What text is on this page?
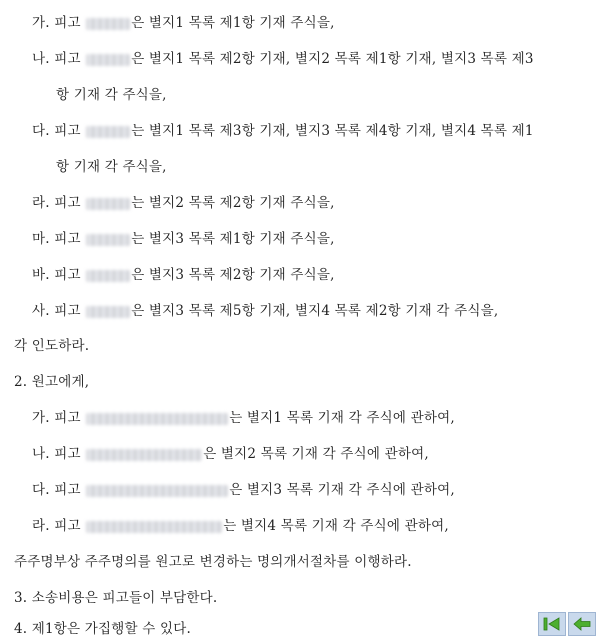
가. 피고	은 별지1 목록 제1항 기재 주식을,
나. 피고	은 별지1 목록 제2항 기재, 별지2 목록 제1항 기재, 별지3 목록 제3
항 기재 각 주식을,
다. 피고	는 별지1 목록 제3항 기재, 별지3 목록 제4항 기재, 별지4 목록 제1
항 기재 각 주식을,
라. 피고	는 별지2 목록 제2항 기재 주식을,
마. 피고	는 별지3 목록 제1항 기재 주식을,
바. 피고	은 별지3 목록 제2항 기재 주식을,
사. 피고	은 별지3 목록 제5항 기재, 별지4 목록 제2항 기재 각 주식을,
각 인도하라.
2. 원고에게,
가. 피고	는 별지1 목록 기재 각 주식에 관하여,
나. 피고	은 별지2 목록 기재 각 주식에 관하여,
다. 피고	은 별지3 목록 기재 각 주식에 관하여,
라. 피고	는 별지4 목록 기재 각 주식에 관하여,
주주명부상 주주명의를 원고로 변경하는 명의개서절차를 이행하라.
3. 소송비용은 피고들이 부담한다.
4. 제1항은 가집행할 수 있다.
